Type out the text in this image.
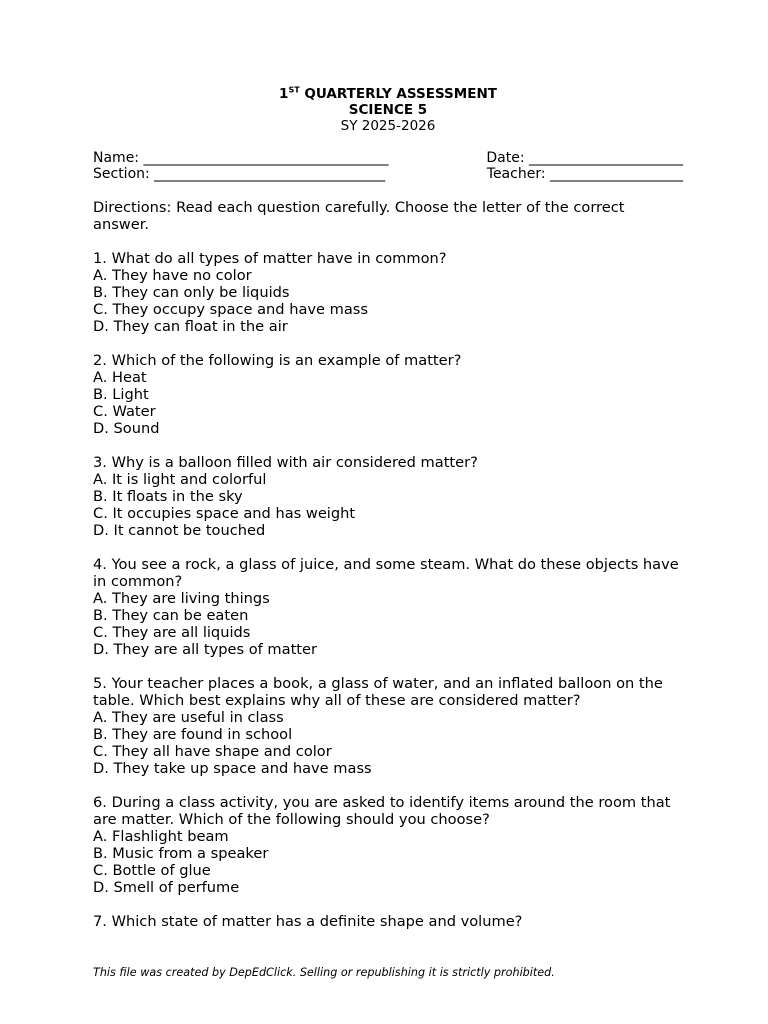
1ST QUARTERLY ASSESSMENT
SCIENCE 5
SY 2025-2026
Name: ___________________________________	Date: ______________________
Section: _________________________________	Teacher: ___________________
Directions: Read each question carefully. Choose the letter of the correct answer.
1. What do all types of matter have in common?
A. They have no color
B. They can only be liquids
C. They occupy space and have mass
D. They can float in the air
2. Which of the following is an example of matter?
A. Heat
B. Light
C. Water
D. Sound
3. Why is a balloon filled with air considered matter?
A. It is light and colorful
B. It floats in the sky
C. It occupies space and has weight
D. It cannot be touched
4. You see a rock, a glass of juice, and some steam. What do these objects have in common?
A. They are living things
B. They can be eaten
C. They are all liquids
D. They are all types of matter
5. Your teacher places a book, a glass of water, and an inflated balloon on the table. Which best explains why all of these are considered matter?
A. They are useful in class
B. They are found in school
C. They all have shape and color
D. They take up space and have mass
6. During a class activity, you are asked to identify items around the room that are matter. Which of the following should you choose?
A. Flashlight beam
B. Music from a speaker
C. Bottle of glue
D. Smell of perfume
7. Which state of matter has a definite shape and volume?
This file was created by DepEdClick. Selling or republishing it is strictly prohibited.
